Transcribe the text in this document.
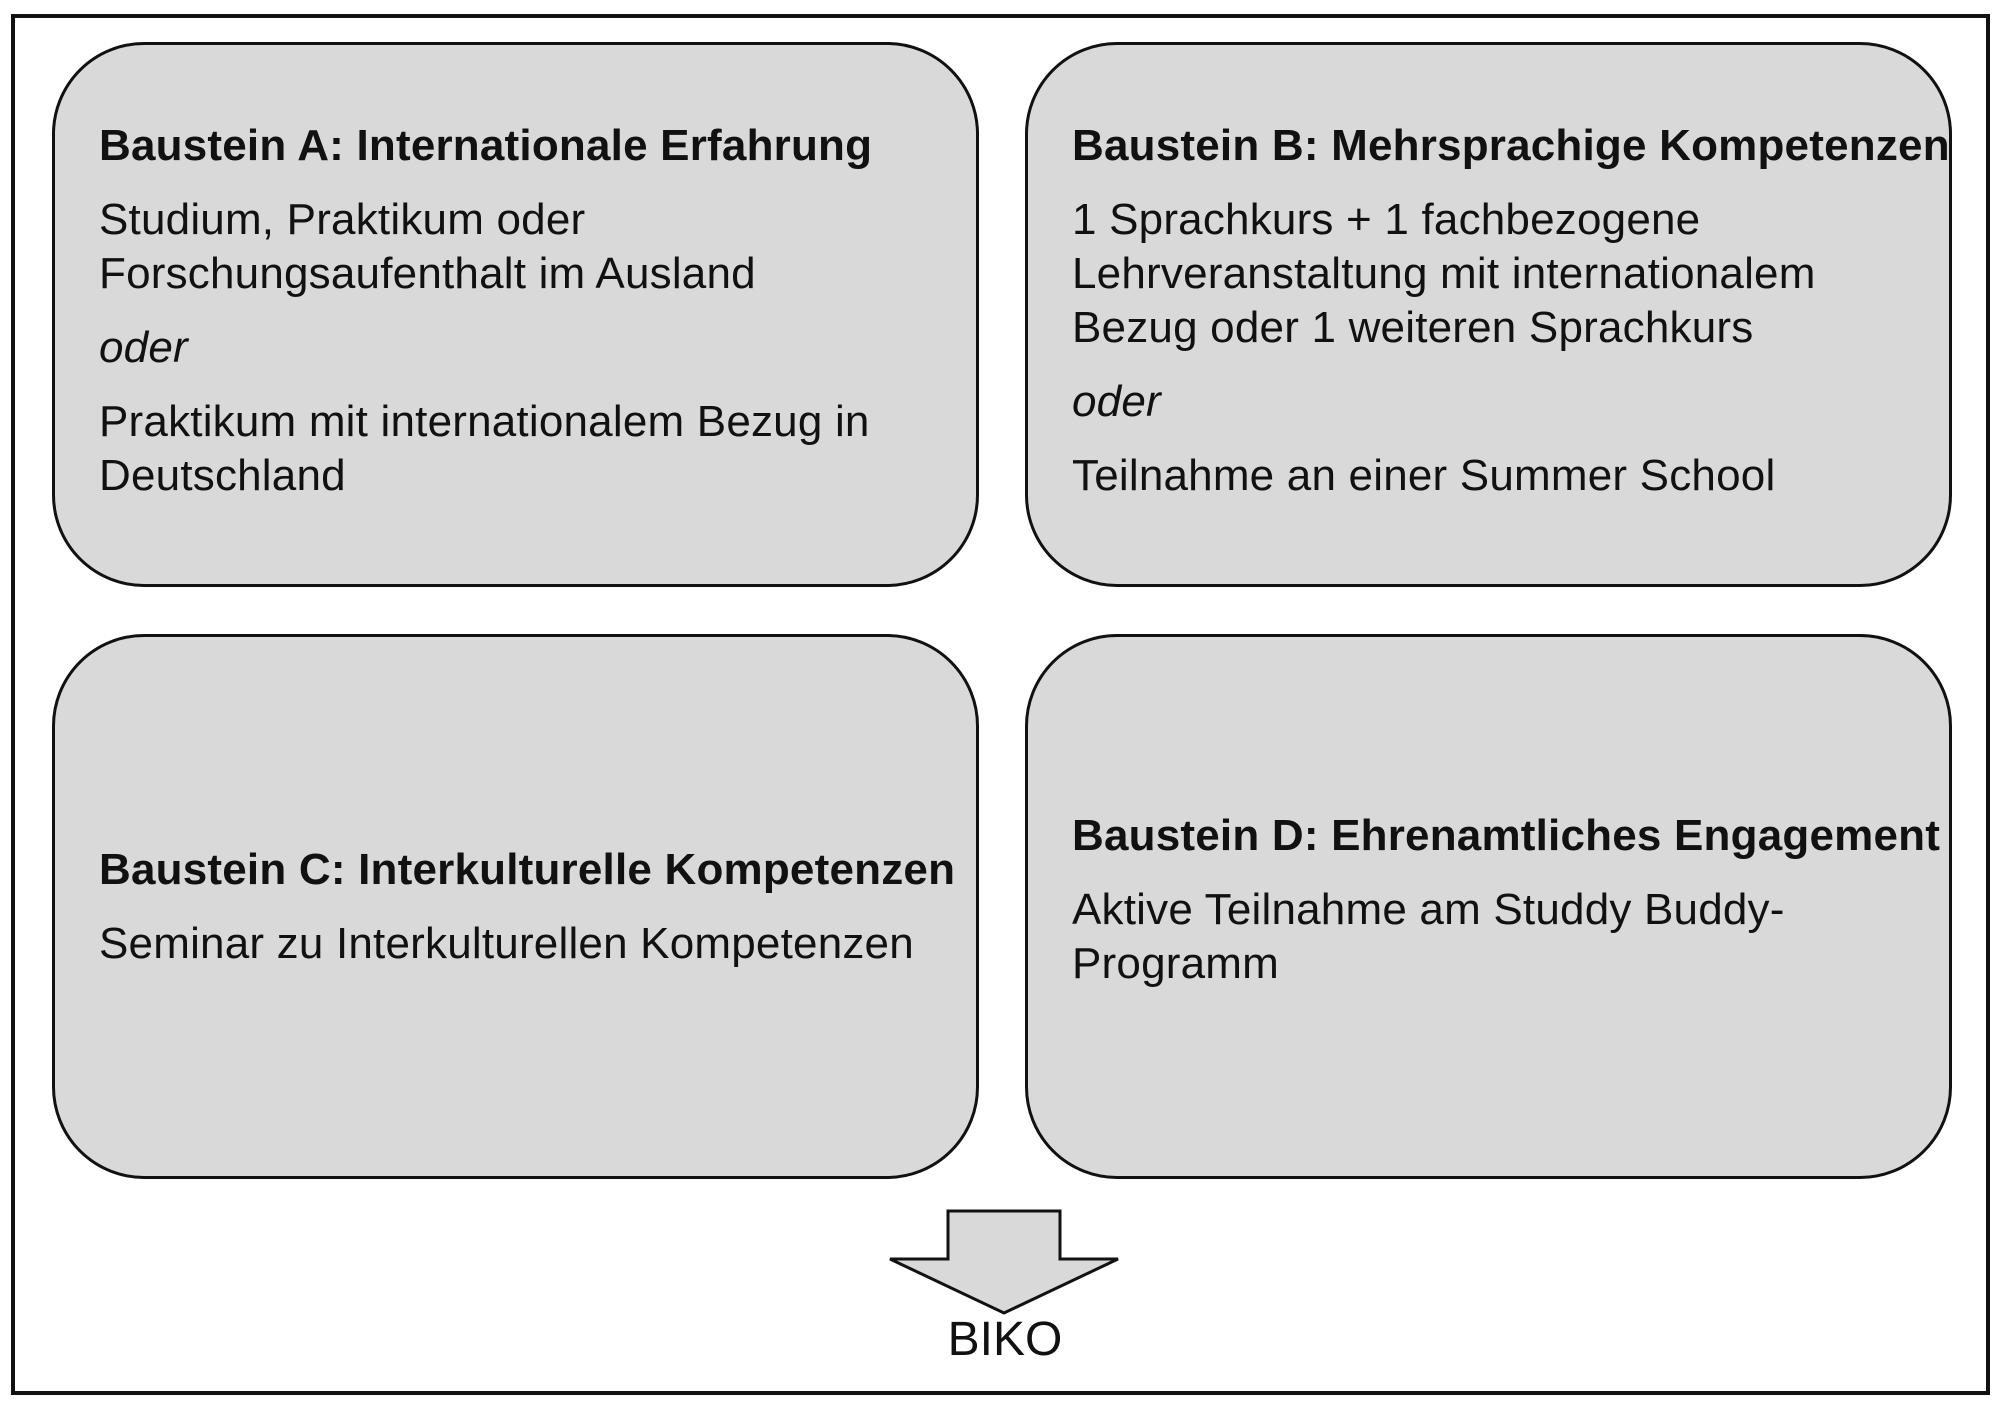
Baustein A: Internationale Erfahrung
Studium, Praktikum oder
Forschungsaufenthalt im Ausland
oder
Praktikum mit internationalem Bezug in
Deutschland
Baustein B: Mehrsprachige Kompetenzen
1 Sprachkurs + 1 fachbezogene
Lehrveranstaltung mit internationalem
Bezug oder 1 weiteren Sprachkurs
oder
Teilnahme an einer Summer School
Baustein C: Interkulturelle Kompetenzen
Seminar zu Interkulturellen Kompetenzen
Baustein D: Ehrenamtliches Engagement
Aktive Teilnahme am Studdy Buddy-
Programm
BIKO
